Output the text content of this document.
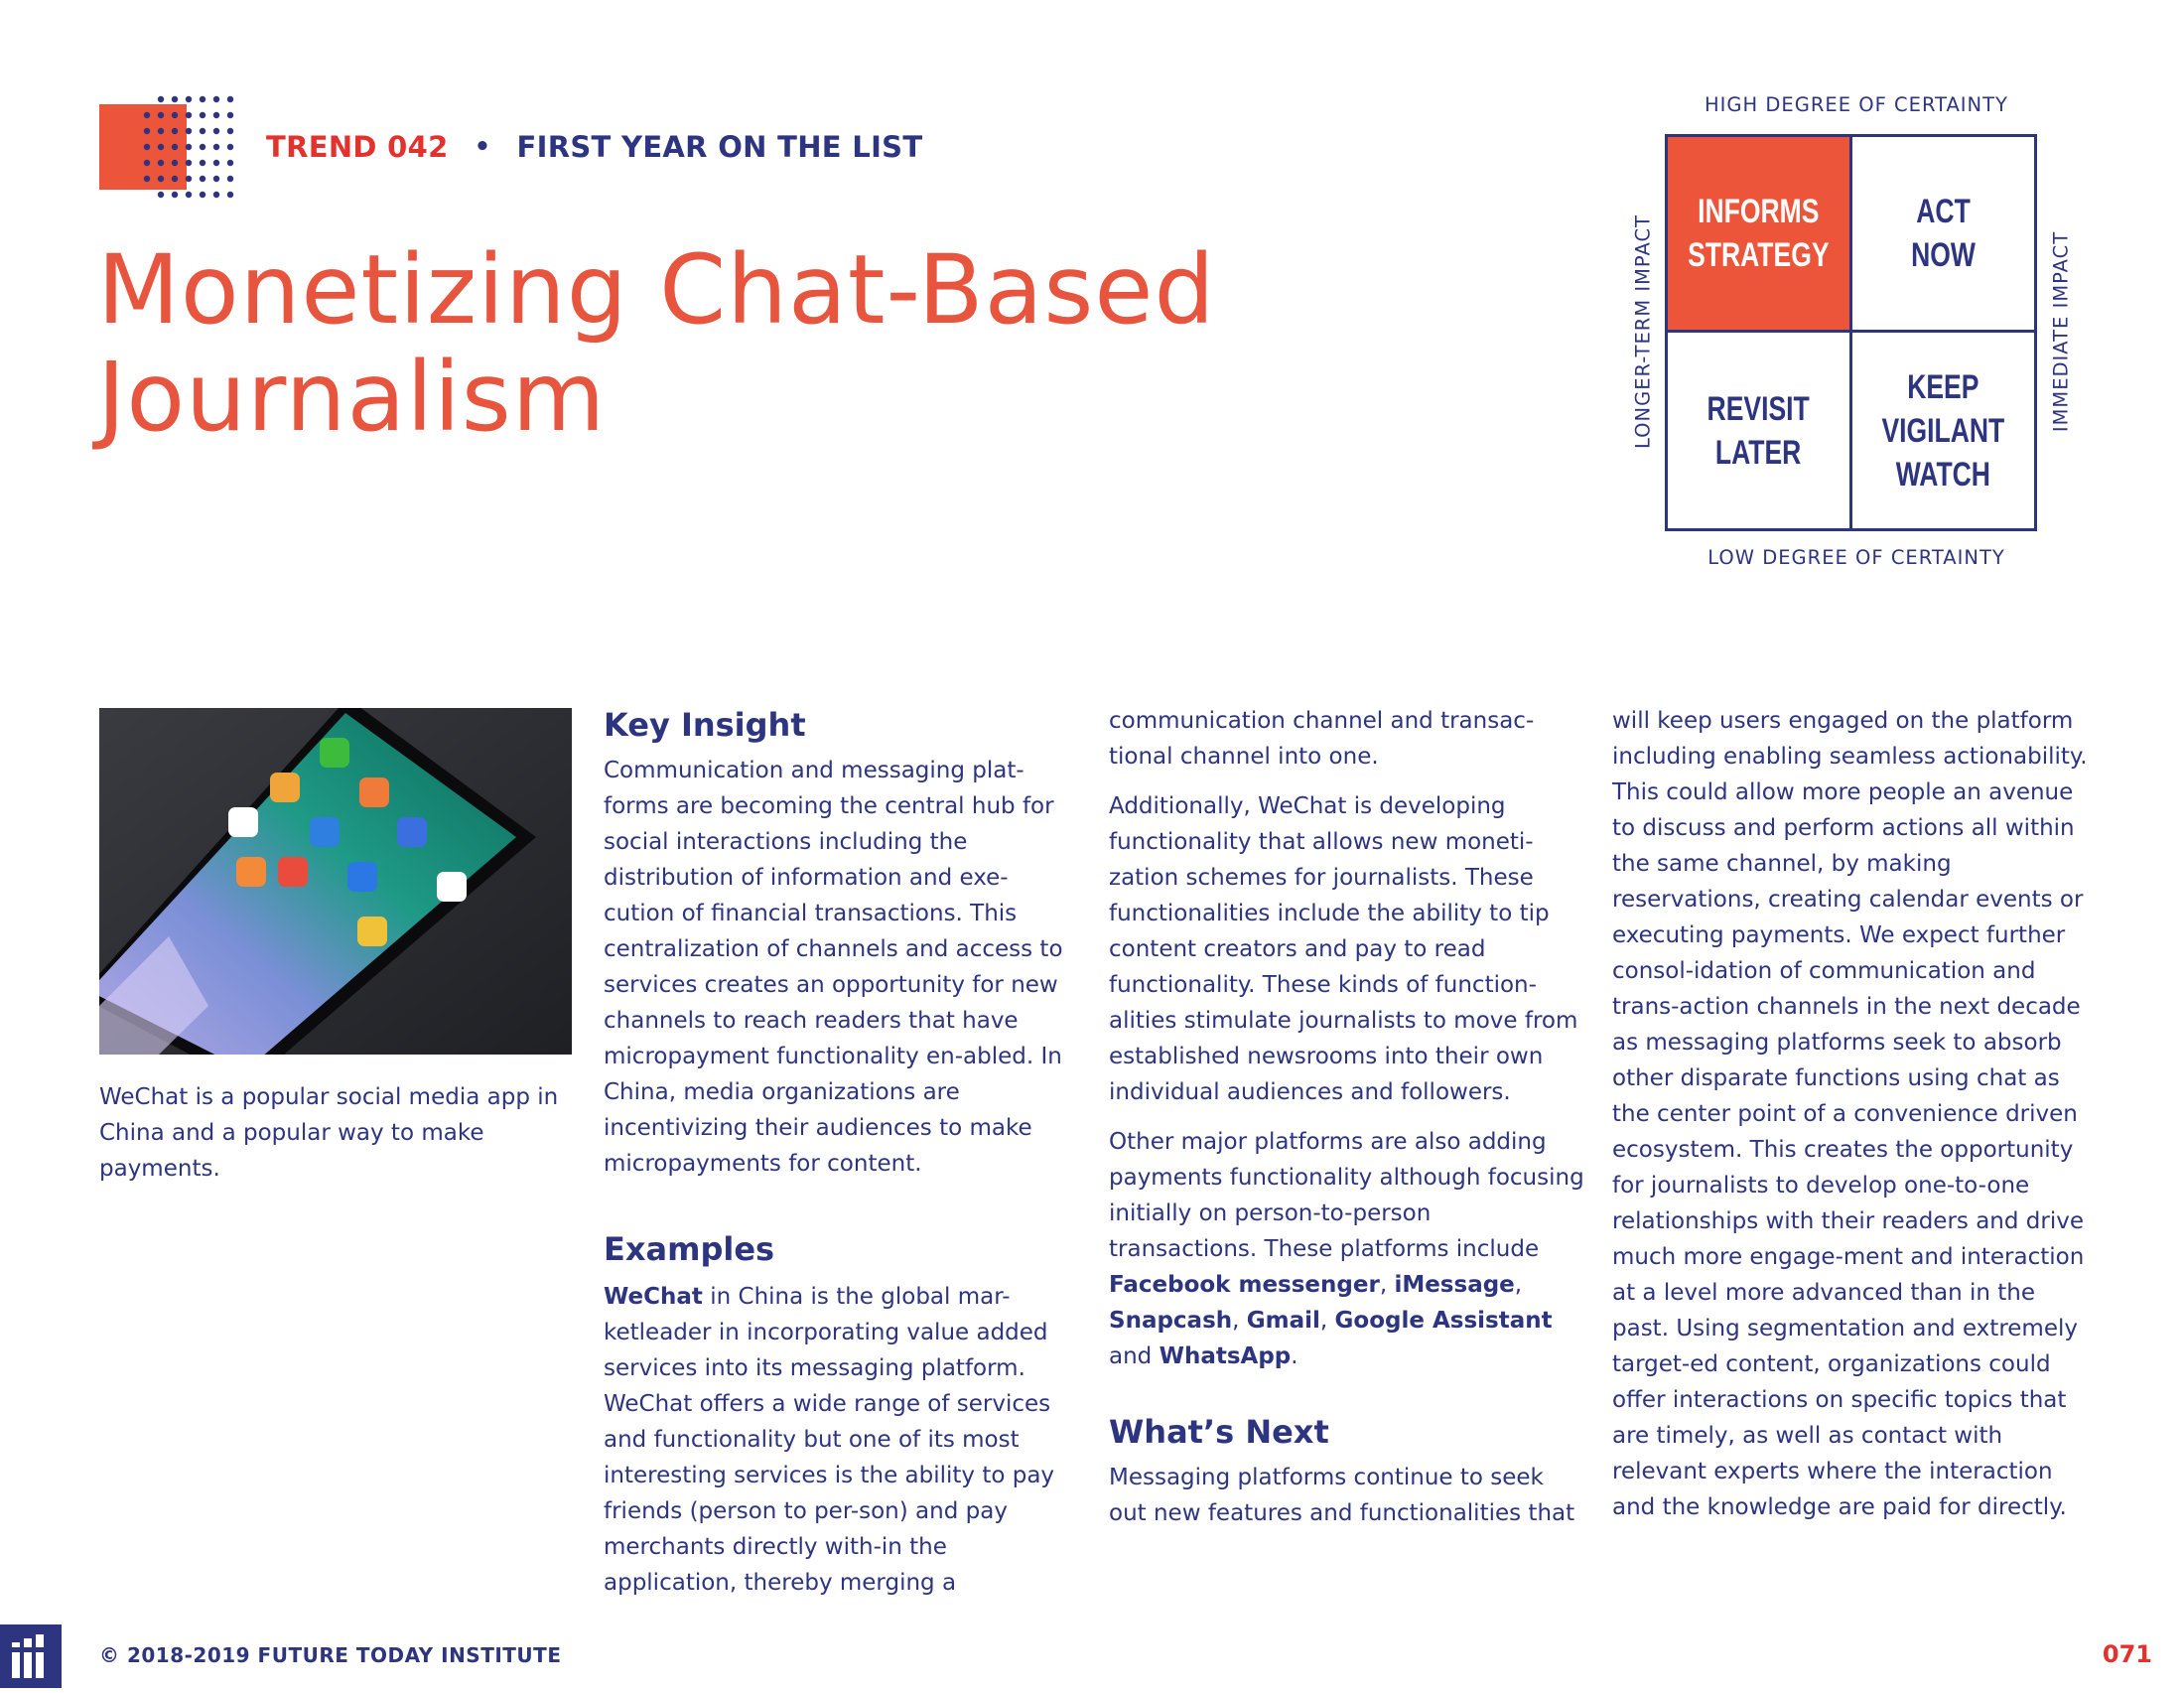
TREND 042 • FIRST YEAR ON THE LIST
Monetizing Chat-Based Journalism
HIGH DEGREE OF CERTAINTY
LONGER-TERM IMPACT	IMMEDIATE IMPACT
INFORMS
STRATEGY
ACT
NOW
REVISIT
LATER
KEEP
VIGILANT
WATCH
LOW DEGREE OF CERTAINTY

WeChat is a popular social media app in China and a popular way to make payments.

Key Insight

Communication and messaging plat-forms are becoming the central hub for social interactions including the distribution of information and exe-cution of financial transactions. This centralization of channels and access to services creates an opportunity for new channels to reach readers that have micropayment functionality en-abled. In China, media organizations are incentivizing their audiences to make micropayments for content.

Examples

WeChat in China is the global mar-ketleader in incorporating value added services into its messaging platform. WeChat offers a wide range of services and functionality but one of its most interesting services is the ability to pay friends (person to per-son) and pay merchants directly with-in the application, thereby merging a

communication channel and transac-tional channel into one.

Additionally, WeChat is developing functionality that allows new moneti-zation schemes for journalists. These functionalities include the ability to tip content creators and pay to read functionality. These kinds of function-alities stimulate journalists to move from established newsrooms into their own individual audiences and followers.

Other major platforms are also adding payments functionality although focusing initially on person-to-person transactions. These platforms include Facebook messenger, iMessage, Snapcash, Gmail, Google Assistant and WhatsApp.

What’s Next

Messaging platforms continue to seek out new features and functionalities that

will keep users engaged on the platform including enabling seamless actionability. This could allow more people an avenue to discuss and perform actions all within the same channel, by making reservations, creating calendar events or executing payments. We expect further consol-idation of communication and trans-action channels in the next decade as messaging platforms seek to absorb other disparate functions using chat as the center point of a convenience driven ecosystem. This creates the opportunity for journalists to develop one-to-one relationships with their readers and drive much more engage-ment and interaction at a level more advanced than in the past. Using segmentation and extremely target-ed content, organizations could offer interactions on specific topics that are timely, as well as contact with relevant experts where the interaction and the knowledge are paid for directly.
© 2018-2019 FUTURE TODAY INSTITUTE	071
